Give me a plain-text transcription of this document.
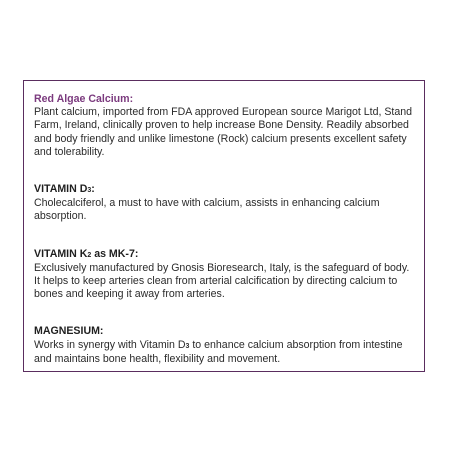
Red Algae Calcium:

Plant calcium, imported from FDA approved European source Marigot Ltd, Stand Farm, Ireland, clinically proven to help increase Bone Density. Readily absorbed and body friendly and unlike limestone (Rock) calcium presents excellent safety and tolerability.

VITAMIN D3:

Cholecalciferol, a must to have with calcium, assists in enhancing calcium absorption.

VITAMIN K2 as MK-7:

Exclusively manufactured by Gnosis Bioresearch, Italy, is the safeguard of body. It helps to keep arteries clean from arterial calcification by directing calcium to bones and keeping it away from arteries.

MAGNESIUM:

Works in synergy with Vitamin D3 to enhance calcium absorption from intestine and maintains bone health, flexibility and movement.
